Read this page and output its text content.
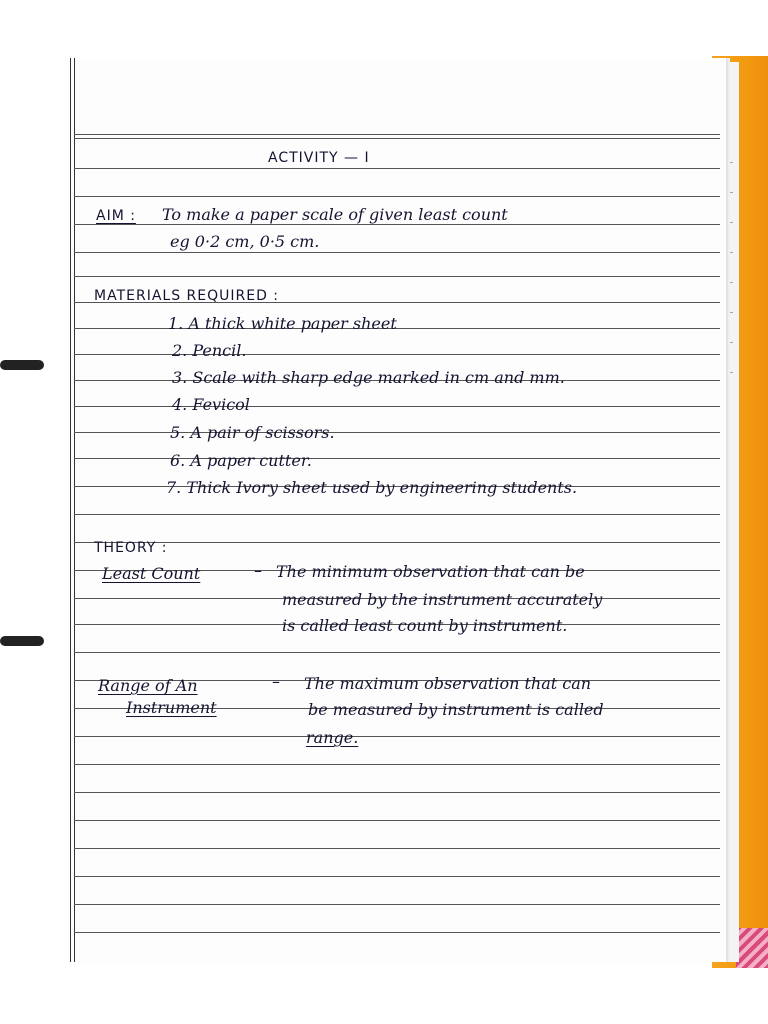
ACTIVITY — I
AIM : To make a paper scale of given least count
eg 0·2 cm, 0·5 cm.
MATERIALS REQUIRED :
1. A thick white paper sheet
2. Pencil.
3. Scale with sharp edge marked in cm and mm.
4. Fevicol
5. A pair of scissors.
6. A paper cutter.
7. Thick Ivory sheet used by engineering students.
THEORY :
Least Count	– The minimum observation that can be
measured by the instrument accurately
is called least count by instrument.
Range of An
Instrument
– The maximum observation that can
be measured by instrument is called
range.
